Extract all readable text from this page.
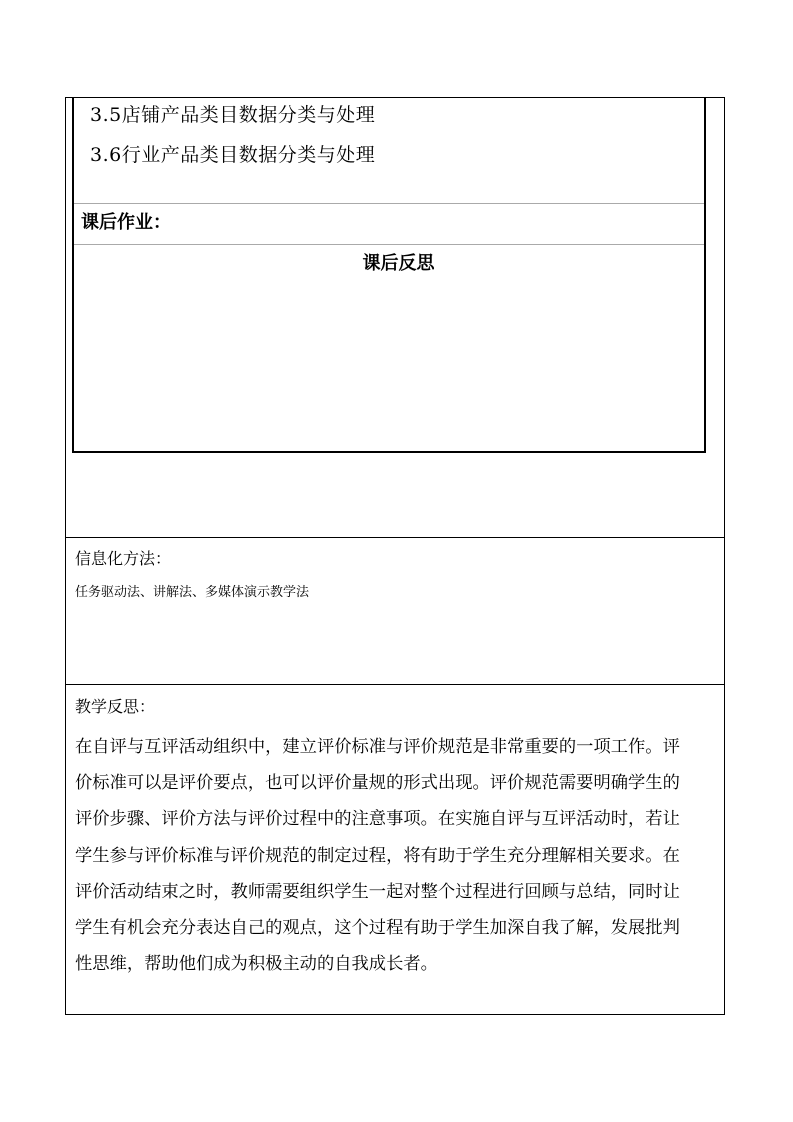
3.5店铺产品类目数据分类与处理
3.6行业产品类目数据分类与处理
课后作业：
课后反思
信息化方法：
任务驱动法、讲解法、多媒体演示教学法
教学反思：
在自评与互评活动组织中，建立评价标准与评价规范是非常重要的一项工作。评
价标准可以是评价要点，也可以评价量规的形式出现。评价规范需要明确学生的
评价步骤、评价方法与评价过程中的注意事项。在实施自评与互评活动时，若让
学生参与评价标准与评价规范的制定过程，将有助于学生充分理解相关要求。在
评价活动结束之时，教师需要组织学生一起对整个过程进行回顾与总结，同时让
学生有机会充分表达自己的观点，这个过程有助于学生加深自我了解，发展批判
性思维，帮助他们成为积极主动的自我成长者。
